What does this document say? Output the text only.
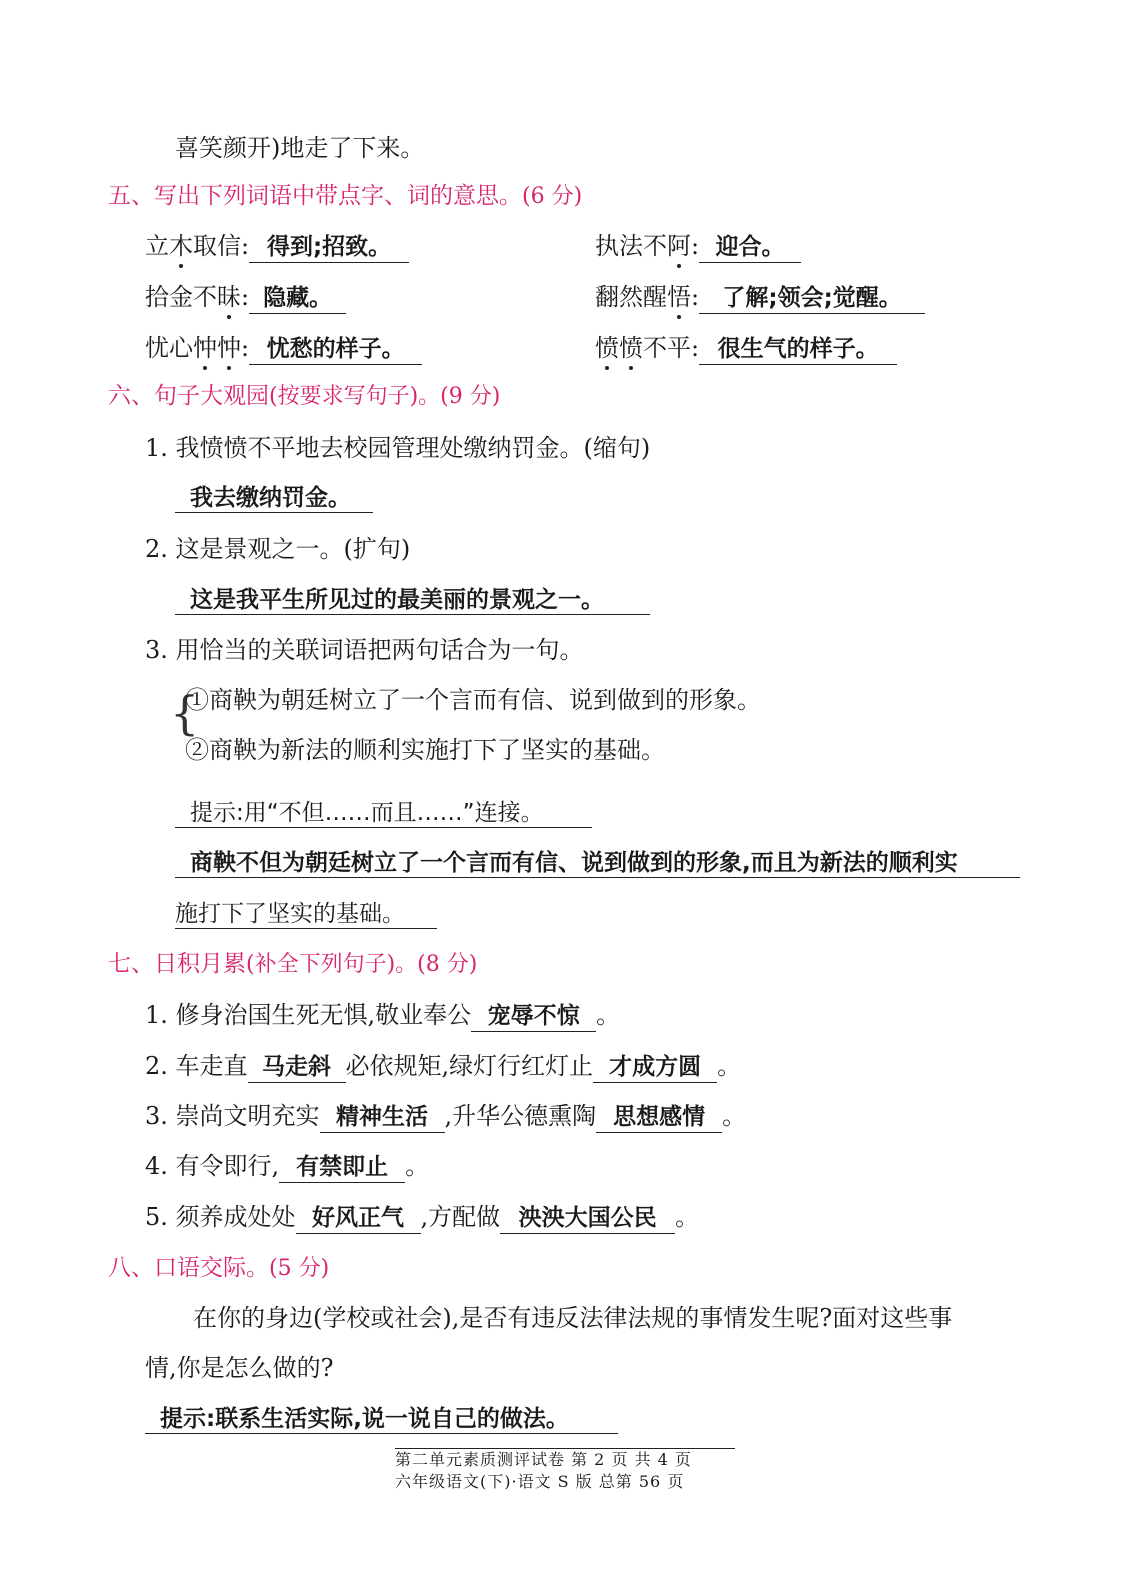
喜笑颜开)地走了下来。
五、写出下列词语中带点字、词的意思。(6 分)
立木取信: 得到;招致。	执法不阿: 迎合。
拾金不昧: 隐藏。	翻然醒悟: 了解;领会;觉醒。
忧心忡忡: 忧愁的样子。	愤愤不平: 很生气的样子。
六、句子大观园(按要求写句子)。(9 分)
1. 我愤愤不平地去校园管理处缴纳罚金。(缩句)
我去缴纳罚金。
2. 这是景观之一。(扩句)
这是我平生所见过的最美丽的景观之一。
3. 用恰当的关联词语把两句话合为一句。
{
①商鞅为朝廷树立了一个言而有信、说到做到的形象。
②商鞅为新法的顺利实施打下了坚实的基础。
提示:用“不但……而且……”连接。
商鞅不但为朝廷树立了一个言而有信、说到做到的形象,而且为新法的顺利实
施打下了坚实的基础。
七、日积月累(补全下列句子)。(8 分)
1. 修身治国生死无惧,敬业奉公 宠辱不惊 。
2. 车走直 马走斜 必依规矩,绿灯行红灯止 才成方圆 。
3. 崇尚文明充实 精神生活 ,升华公德熏陶 思想感情 。
4. 有令即行, 有禁即止 。
5. 须养成处处 好风正气 ,方配做 泱泱大国公民 。
八、口语交际。(5 分)
在你的身边(学校或社会),是否有违反法律法规的事情发生呢?面对这些事
情,你是怎么做的?
提示:联系生活实际,说一说自己的做法。
第二单元素质测评试卷 第 2 页 共 4 页
六年级语文(下)·语文 S 版 总第 56 页
